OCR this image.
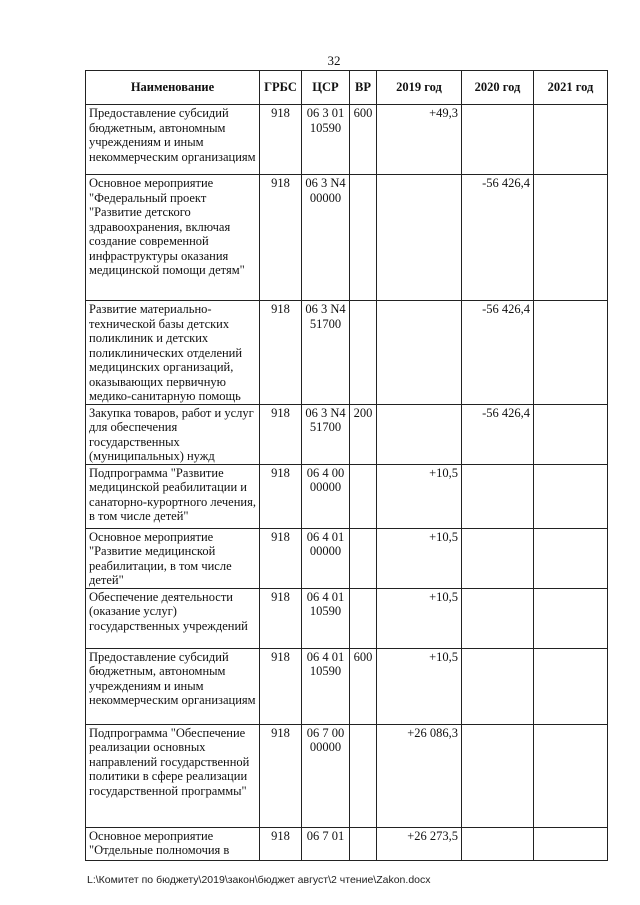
32
Наименование	ГРБС	ЦСР	ВР	2019 год	2020 год	2021 год
Предоставление субсидий бюджетным, автономным учреждениям и иным некоммерческим организациям	918	06 3 01 10590	600	+49,3		
Основное мероприятие "Федеральный проект "Развитие детского здравоохранения, включая создание современной инфраструктуры оказания медицинской помощи детям"	918	06 3 N4 00000			-56 426,4	
Развитие материально-технической базы детских поликлиник и детских поликлинических отделений медицинских организаций, оказывающих первичную медико-санитарную помощь	918	06 3 N4 51700			-56 426,4	
Закупка товаров, работ и услуг для обеспечения государственных (муниципальных) нужд	918	06 3 N4 51700	200		-56 426,4	
Подпрограмма "Развитие медицинской реабилитации и санаторно-курортного лечения, в том числе детей"	918	06 4 00 00000		+10,5		
Основное мероприятие "Развитие медицинской реабилитации, в том числе детей"	918	06 4 01 00000		+10,5		
Обеспечение деятельности (оказание услуг) государственных учреждений	918	06 4 01 10590		+10,5		
Предоставление субсидий бюджетным, автономным учреждениям и иным некоммерческим организациям	918	06 4 01 10590	600	+10,5		
Подпрограмма "Обеспечение реализации основных направлений государственной политики в сфере реализации государственной программы"	918	06 7 00 00000		+26 086,3		
Основное мероприятие "Отдельные полномочия в	918	06 7 01		+26 273,5		
L:\Комитет по бюджету\2019\закон\бюджет август\2 чтение\Zakon.docx
